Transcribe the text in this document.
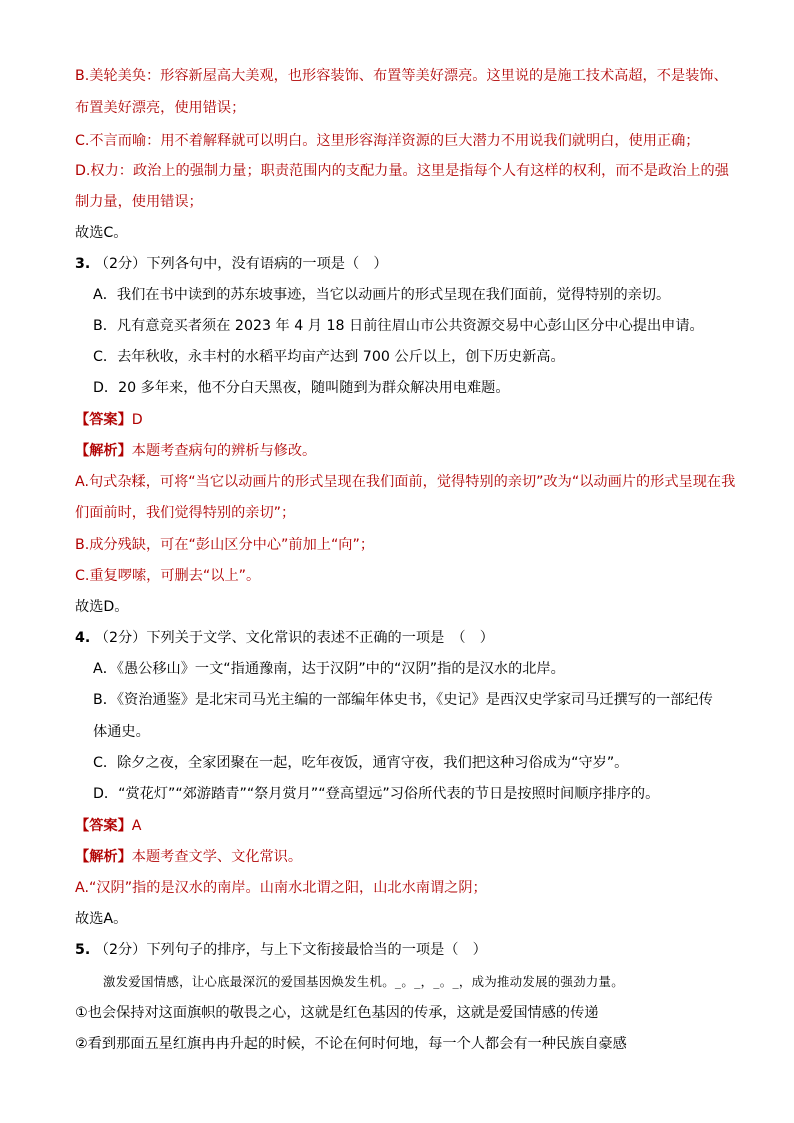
B.美轮美奂：形容新屋高大美观，也形容装饰、布置等美好漂亮。这里说的是施工技术高超，不是装饰、
布置美好漂亮，使用错误；
C.不言而喻：用不着解释就可以明白。这里形容海洋资源的巨大潜力不用说我们就明白，使用正确；
D.权力：政治上的强制力量；职责范围内的支配力量。这里是指每个人有这样的权利，而不是政治上的强
制力量，使用错误；
故选C。
3. （2分）下列各句中，没有语病的一项是（　）
A．我们在书中读到的苏东坡事迹，当它以动画片的形式呈现在我们面前，觉得特别的亲切。
B．凡有意竞买者须在 2023 年 4 月 18 日前往眉山市公共资源交易中心彭山区分中心提出申请。
C．去年秋收，永丰村的水稻平均亩产达到 700 公斤以上，创下历史新高。
D．20 多年来，他不分白天黑夜，随叫随到为群众解决用电难题。
【答案】D
【解析】本题考查病句的辨析与修改。
A.句式杂糅，可将“当它以动画片的形式呈现在我们面前，觉得特别的亲切”改为“以动画片的形式呈现在我
们面前时，我们觉得特别的亲切”；
B.成分残缺，可在“彭山区分中心”前加上“向”；
C.重复啰嗦，可删去“以上”。
故选D。
4. （2分）下列关于文学、文化常识的表述不正确的一项是　（　）
A．《愚公移山》一文“指通豫南，达于汉阴”中的“汉阴”指的是汉水的北岸。
B．《资治通鉴》是北宋司马光主编的一部编年体史书，《史记》是西汉史学家司马迁撰写的一部纪传
体通史。
C．除夕之夜，全家团聚在一起，吃年夜饭，通宵守夜，我们把这种习俗成为“守岁”。
D．“赏花灯”“郊游踏青”“祭月赏月”“登高望远”习俗所代表的节日是按照时间顺序排序的。
【答案】A
【解析】本题考查文学、文化常识。
A.“汉阴”指的是汉水的南岸。山南水北谓之阳，山北水南谓之阴；
故选A。
5. （2分）下列句子的排序，与上下文衔接最恰当的一项是（　）
激发爱国情感，让心底最深沉的爱国基因焕发生机。_。_，_。_，成为推动发展的强劲力量。
①也会保持对这面旗帜的敬畏之心，这就是红色基因的传承，这就是爱国情感的传递
②看到那面五星红旗冉冉升起的时候，不论在何时何地，每一个人都会有一种民族自豪感
